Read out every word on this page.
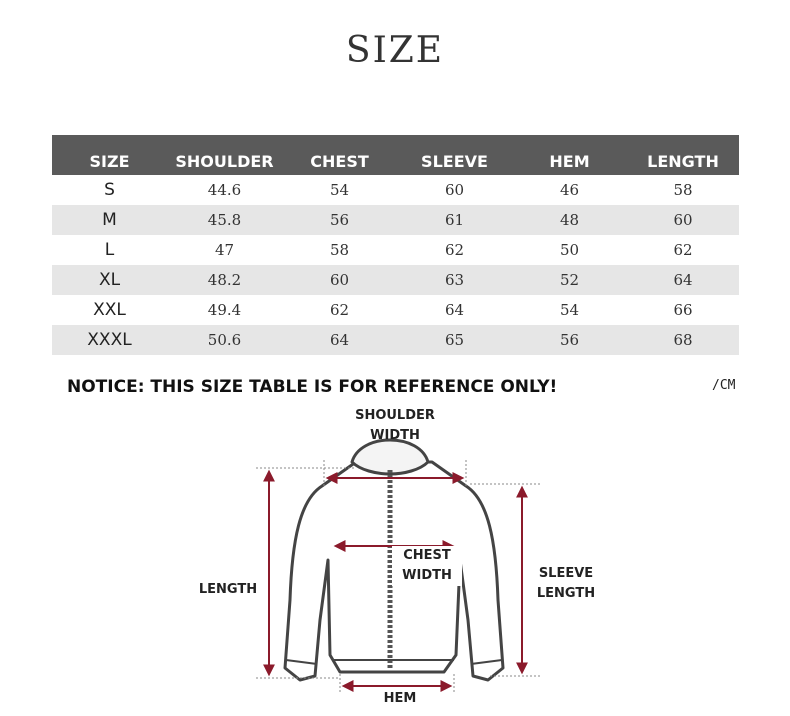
SIZE
SIZE	SHOULDER	CHEST	SLEEVE	HEM	LENGTH
S	44.6	54	60	46	58
M	45.8	56	61	48	60
L	47	58	62	50	62
XL	48.2	60	63	52	64
XXL	49.4	62	64	54	66
XXXL	50.6	64	65	56	68
NOTICE: THIS SIZE TABLE IS FOR REFERENCE ONLY!	/CM
SHOULDER
WIDTH
CHEST
WIDTH	SLEEVE
LENGTH
LENGTH
HEM
